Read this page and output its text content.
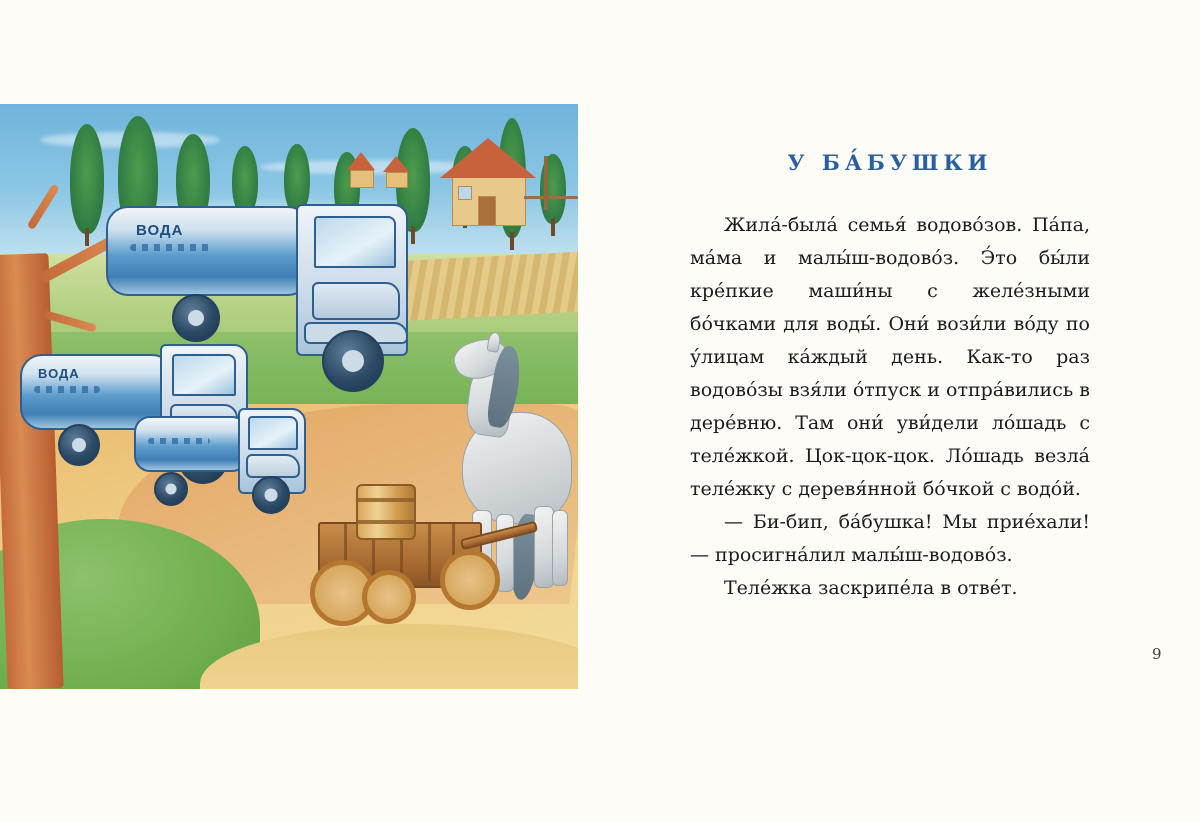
ВОДА
ВОДА
У БА́БУШКИ

Жила́-была́ семья́ водово́зов. Па́па, ма́ма и малы́ш-водово́з. Э́то бы́ли кре́пкие маши́ны с желе́зными бо́чками для воды́. Они́ вози́ли во́ду по у́лицам ка́ждый день. Как-то раз водово́зы взя́ли о́тпуск и отпра́вились в дере́вню. Там они́ уви́дели ло́шадь с теле́жкой. Цок-цок-цок. Ло́шадь везла́ теле́жку с деревя́нной бо́чкой с водо́й.

— Би-бип, ба́бушка! Мы прие́хали! — просигна́лил малы́ш-водово́з.

Теле́жка заскрипе́ла в отве́т.

9
